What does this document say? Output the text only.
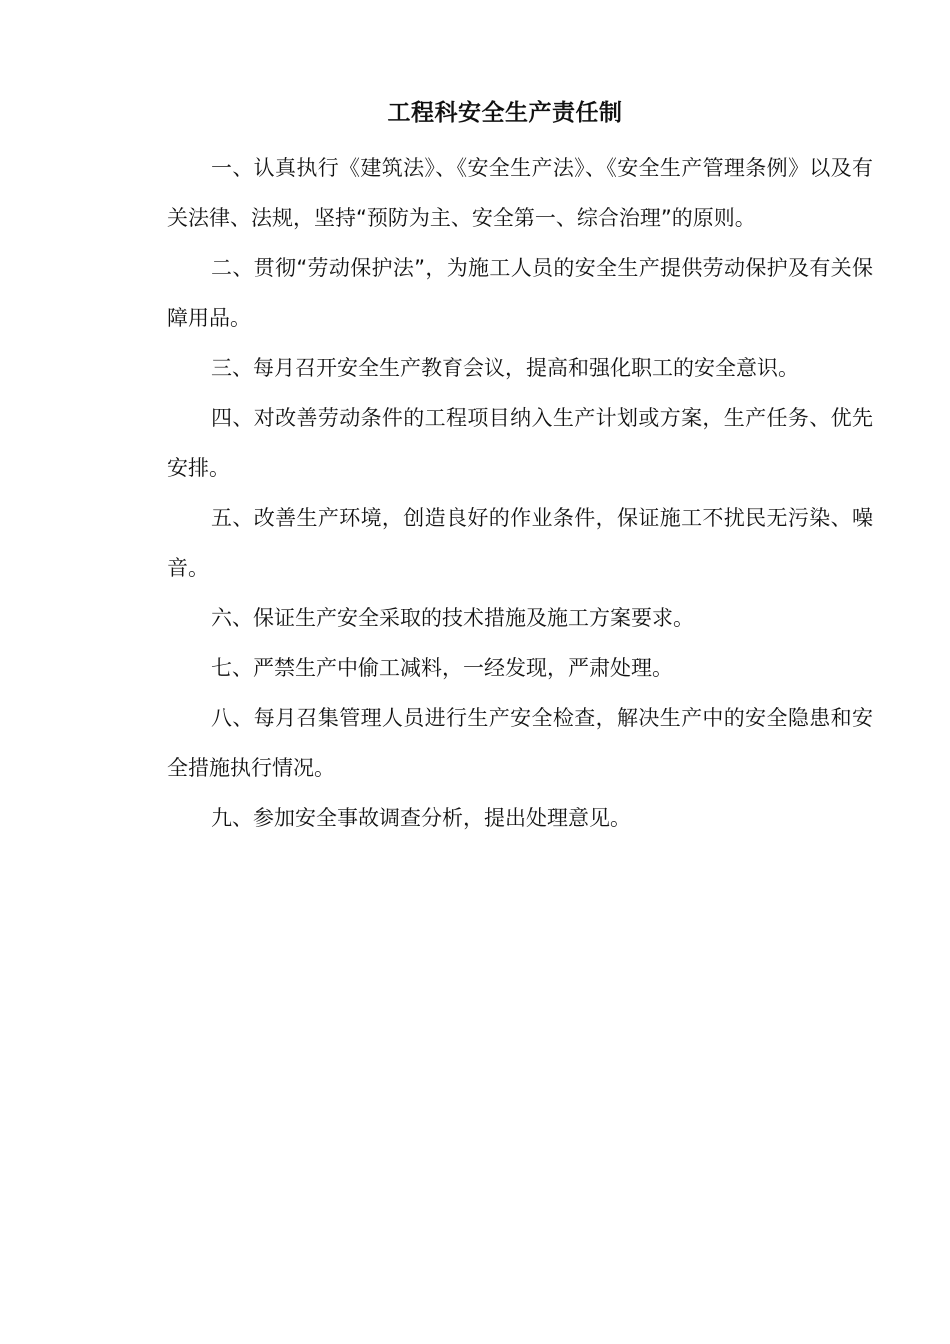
工程科安全生产责任制

一、认真执行《建筑法》、《安全生产法》、《安全生产管理条例》以及有关法律、法规，坚持“预防为主、安全第一、综合治理”的原则。

二、贯彻“劳动保护法”，为施工人员的安全生产提供劳动保护及有关保障用品。

三、每月召开安全生产教育会议，提高和强化职工的安全意识。

四、对改善劳动条件的工程项目纳入生产计划或方案，生产任务、优先安排。

五、改善生产环境，创造良好的作业条件，保证施工不扰民无污染、噪音。

六、保证生产安全采取的技术措施及施工方案要求。

七、严禁生产中偷工减料，一经发现，严肃处理。

八、每月召集管理人员进行生产安全检查，解决生产中的安全隐患和安全措施执行情况。

九、参加安全事故调查分析，提出处理意见。
